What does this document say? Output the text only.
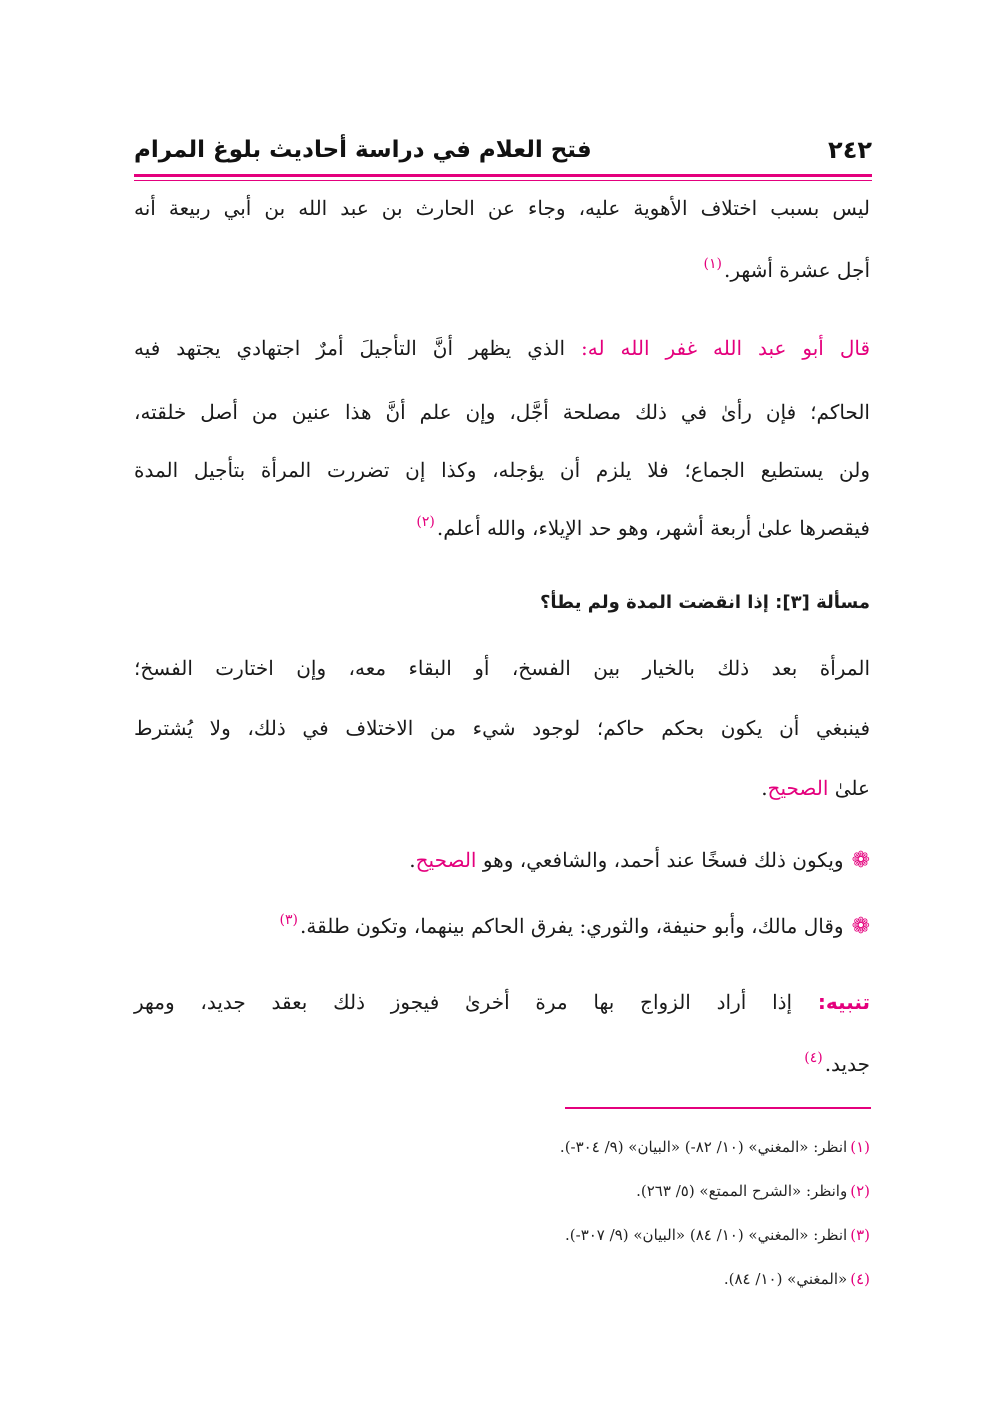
٢٤٢
فتح العلام في دراسة أحاديث بلوغ المرام
ليس بسبب اختلاف الأهوية عليه، وجاء عن الحارث بن عبد الله بن أبي ربيعة أنه
أجل عشرة أشهر.$^{(١)}$
قال أبو عبد الله غفر الله له: الذي يظهر أنَّ التأجيلَ أمرٌ اجتهادي يجتهد فيه
الحاكم؛ فإن رأىٰ في ذلك مصلحة أجَّل، وإن علم أنَّ هذا عنين من أصل خلقته،
ولن يستطيع الجماع؛ فلا يلزم أن يؤجله، وكذا إن تضررت المرأة بتأجيل المدة
فيقصرها علىٰ أربعة أشهر، وهو حد الإيلاء، والله أعلم.$^{(٢)}$
مسألة [٣]: إذا انقضت المدة ولم يطأ؟
المرأة بعد ذلك بالخيار بين الفسخ، أو البقاء معه، وإن اختارت الفسخ؛
فينبغي أن يكون بحكم حاكم؛ لوجود شيء من الاختلاف في ذلك، ولا يُشترط
علىٰ الصحيح.
❁ويكون ذلك فسخًا عند أحمد، والشافعي، وهو الصحيح.
❁وقال مالك، وأبو حنيفة، والثوري: يفرق الحاكم بينهما، وتكون طلقة.$^{(٣)}$
تنبيه: إذا أراد الزواج بها مرة أخرىٰ فيجوز ذلك بعقد جديد، ومهر
جديد.$^{(٤)}$
(١)انظر: «المغني» (١٠/ ٨٢-) «البيان» (٩/ ٣٠٤-).
(٢)وانظر: «الشرح الممتع» (٥/ ٢٦٣).
(٣)انظر: «المغني» (١٠/ ٨٤) «البيان» (٩/ ٣٠٧-).
(٤)«المغني» (١٠/ ٨٤).
